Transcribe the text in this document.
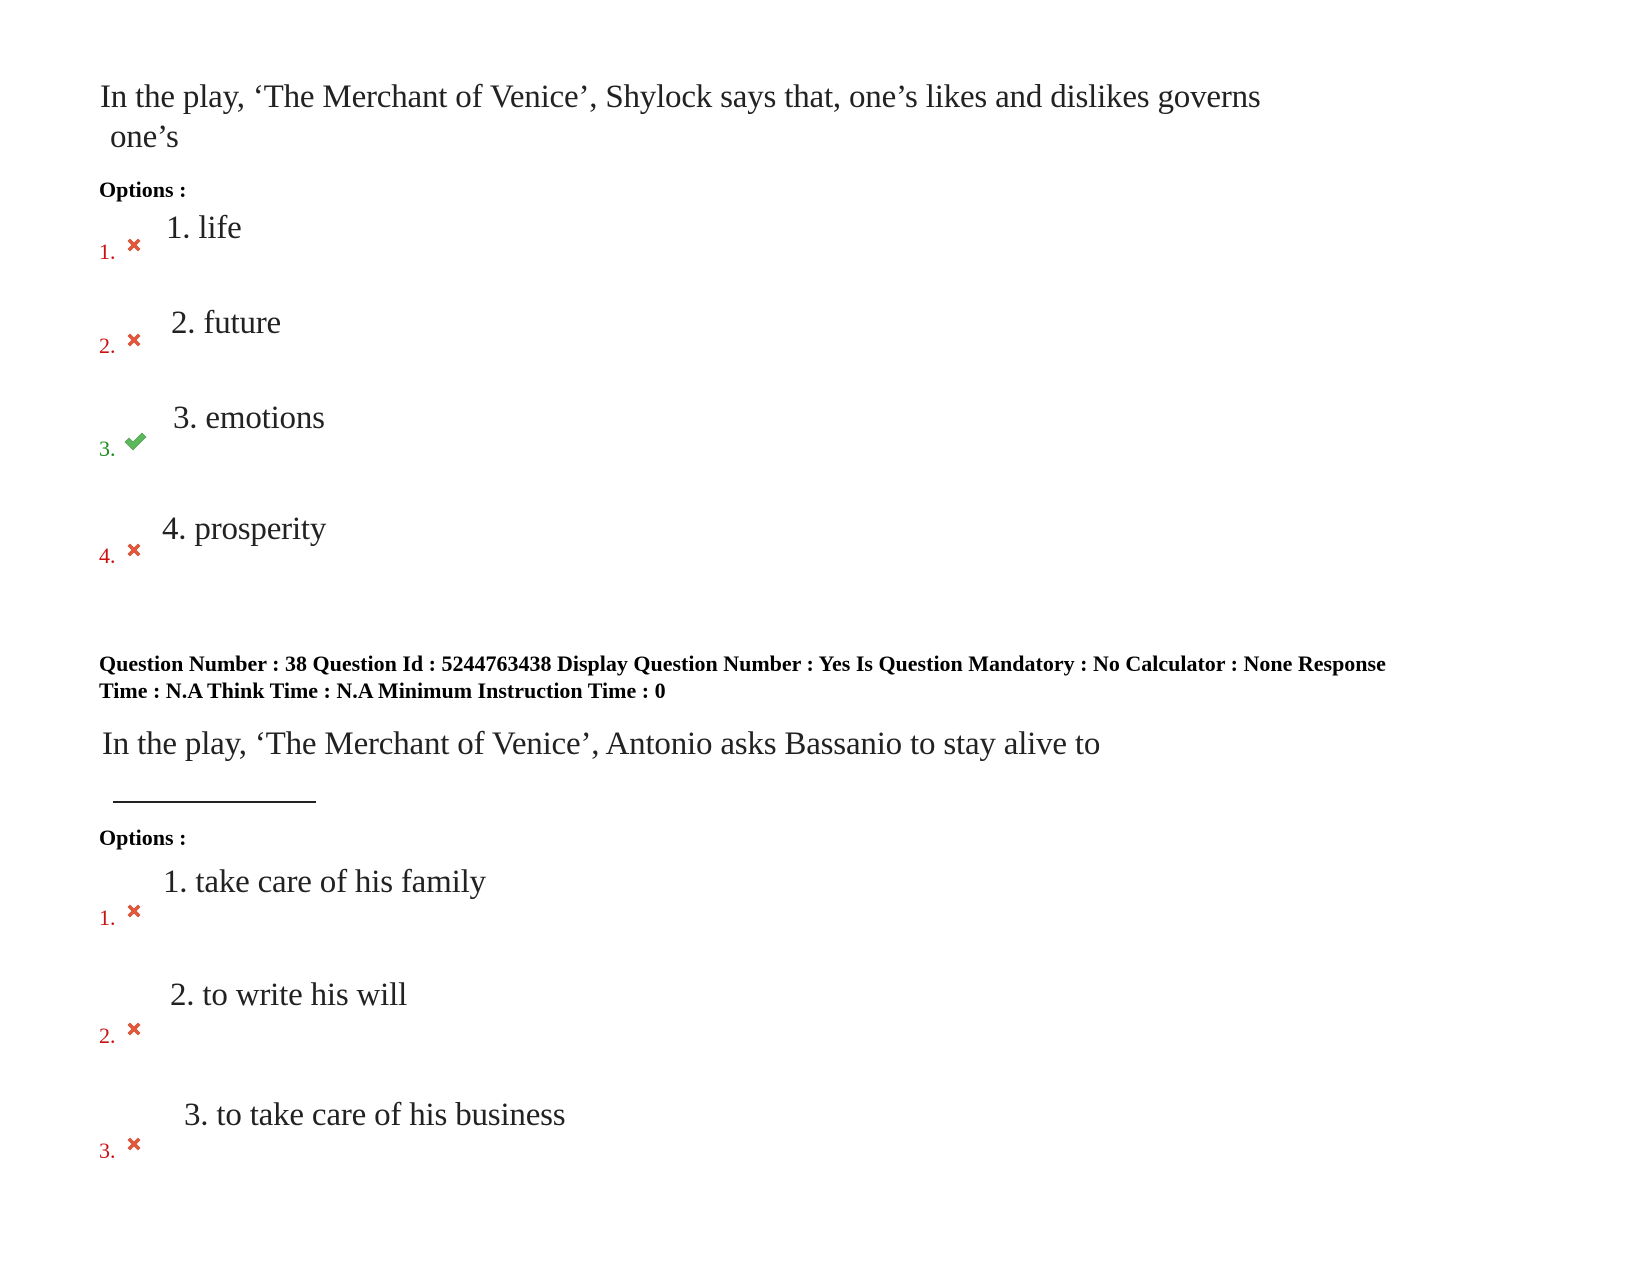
In the play, ‘The Merchant of Venice’, Shylock says that, one’s likes and dislikes governs
one’s
Options :
1.
1. life
2.
2. future
3.
3. emotions
4.
4. prosperity
Question Number : 38 Question Id : 5244763438 Display Question Number : Yes Is Question Mandatory : No Calculator : None Response
Time : N.A Think Time : N.A Minimum Instruction Time : 0
In the play, ‘The Merchant of Venice’, Antonio asks Bassanio to stay alive to
Options :
1.
1. take care of his family
2.
2. to write his will
3.
3. to take care of his business
